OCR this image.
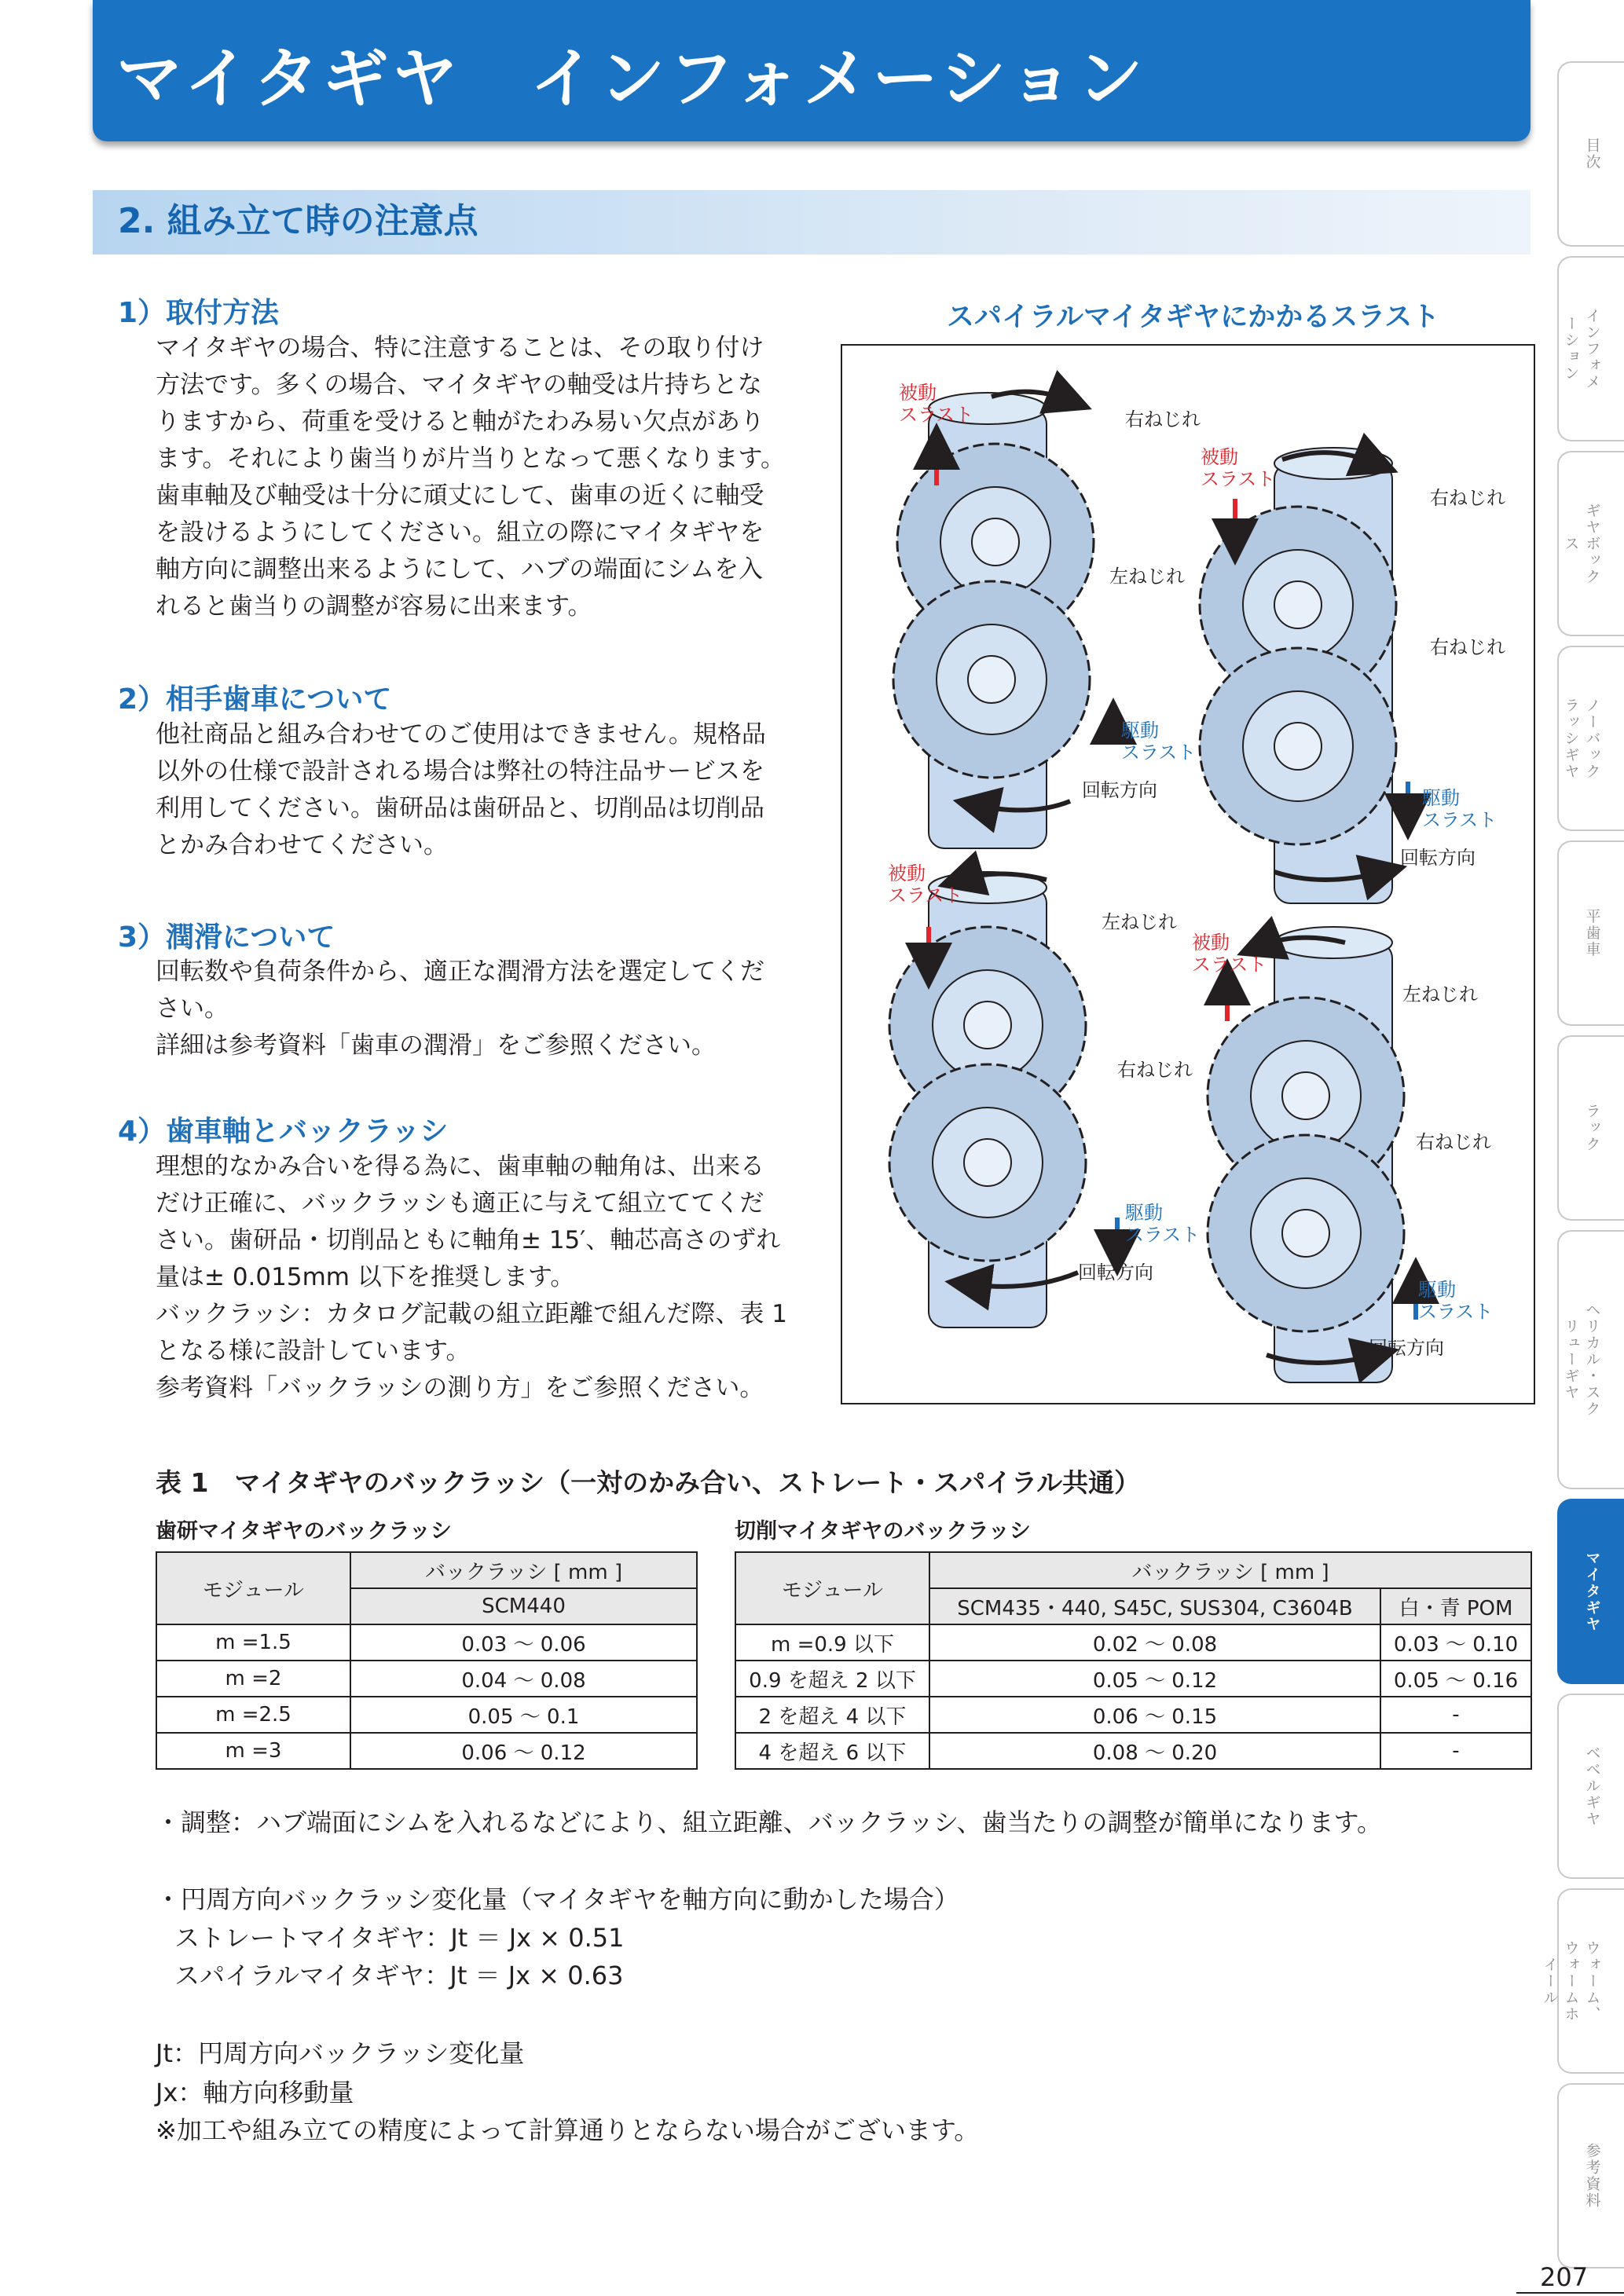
マイタギヤ　インフォメーション
2. 組み立て時の注意点
目次
インフォメーション
ギヤボックス
ノーバックラッシギヤ
平歯車
ラック
ヘリカル・スクリューギヤ
マイタギヤ
ベベルギヤ
ウォーム、ウォームホイール
参考資料
207
1）取付方法
マイタギヤの場合、特に注意することは、その取り付け
方法です。多くの場合、マイタギヤの軸受は片持ちとな
りますから、荷重を受けると軸がたわみ易い欠点があり
ます。それにより歯当りが片当りとなって悪くなります。
歯車軸及び軸受は十分に頑丈にして、歯車の近くに軸受
を設けるようにしてください。組立の際にマイタギヤを
軸方向に調整出来るようにして、ハブの端面にシムを入
れると歯当りの調整が容易に出来ます。
2）相手歯車について
他社商品と組み合わせてのご使用はできません。規格品
以外の仕様で設計される場合は弊社の特注品サービスを
利用してください。歯研品は歯研品と、切削品は切削品
とかみ合わせてください。
3）潤滑について
回転数や負荷条件から、適正な潤滑方法を選定してくだ
さい。
詳細は参考資料「歯車の潤滑」をご参照ください。
4）歯車軸とバックラッシ
理想的なかみ合いを得る為に、歯車軸の軸角は、出来る
だけ正確に、バックラッシも適正に与えて組立ててくだ
さい。歯研品・切削品ともに軸角± 15′、軸芯高さのずれ
量は± 0.015mm 以下を推奨します。
バックラッシ：カタログ記載の組立距離で組んだ際、表 1
となる様に設計しています。
参考資料「バックラッシの測り方」をご参照ください。
スパイラルマイタギヤにかかるスラスト
被動
スラスト	右ねじれ
左ねじれ
駆動
スラスト
回転方向
被動
スラスト
右ねじれ
右ねじれ
駆動
スラスト
回転方向
被動
スラスト
左ねじれ
右ねじれ
駆動
スラスト
回転方向
被動
スラスト
左ねじれ
右ねじれ
駆動
スラスト
回転方向
表 1　マイタギヤのバックラッシ（一対のかみ合い、ストレート・スパイラル共通）
歯研マイタギヤのバックラッシ	切削マイタギヤのバックラッシ
モジュール	バックラッシ [ mm ]
	SCM440
m =1.5	0.03 〜 0.06
m =2	0.04 〜 0.08
m =2.5	0.05 〜 0.1
m =3	0.06 〜 0.12
モジュール	バックラッシ [ mm ]	
	SCM435・440, S45C, SUS304, C3604B	白・青 POM
m =0.9 以下	0.02 〜 0.08	0.03 〜 0.10
0.9 を超え 2 以下	0.05 〜 0.12	0.05 〜 0.16
2 を超え 4 以下	0.06 〜 0.15	-
4 を超え 6 以下	0.08 〜 0.20	-
・調整：ハブ端面にシムを入れるなどにより、組立距離、バックラッシ、歯当たりの調整が簡単になります。
・円周方向バックラッシ変化量（マイタギヤを軸方向に動かした場合）
ストレートマイタギヤ：Jt ＝ Jx × 0.51
スパイラルマイタギヤ：Jt ＝ Jx × 0.63
Jt：円周方向バックラッシ変化量
Jx：軸方向移動量
※加工や組み立ての精度によって計算通りとならない場合がございます。
